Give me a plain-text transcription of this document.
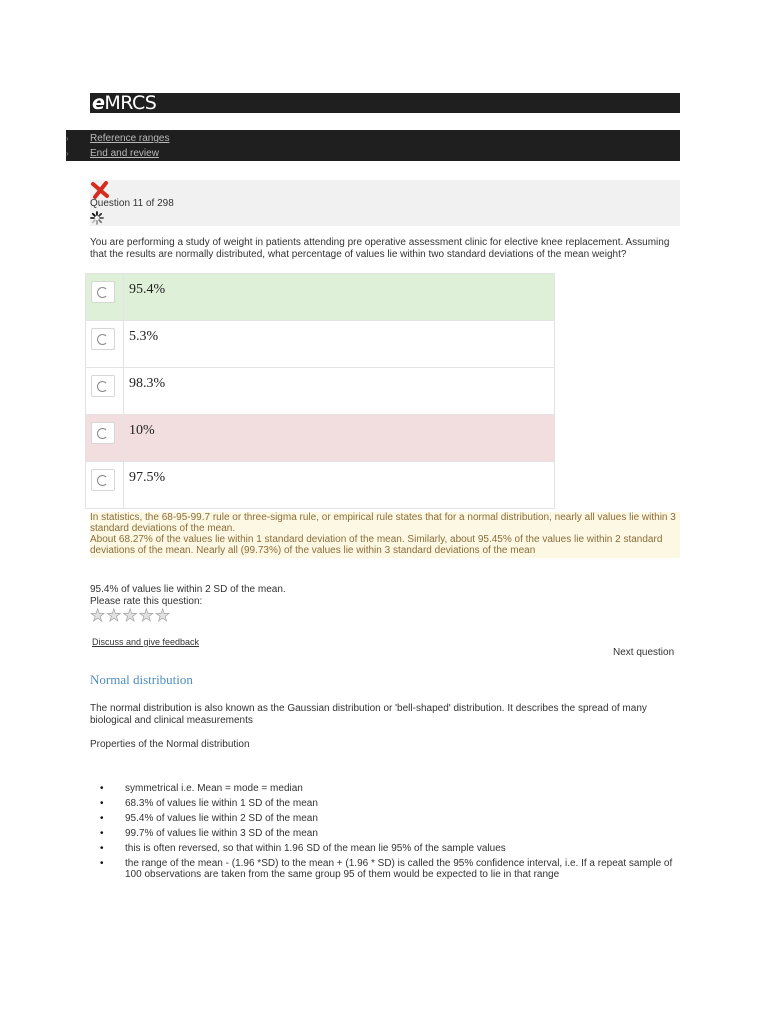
eMRCS
› Reference ranges
› End and review
Question 11 of 298
You are performing a study of weight in patients attending pre operative assessment clinic for elective knee replacement. Assuming that the results are normally distributed, what percentage of values lie within two standard deviations of the mean weight?
95.4%
5.3%
98.3%
10%
97.5%

In statistics, the 68-95-99.7 rule or three-sigma rule, or empirical rule states that for a normal distribution, nearly all values lie within 3 standard deviations of the mean.

About 68.27% of the values lie within 1 standard deviation of the mean. Similarly, about 95.45% of the values lie within 2 standard deviations of the mean. Nearly all (99.73%) of the values lie within 3 standard deviations of the mean

95.4% of values lie within 2 SD of the mean.
Please rate this question:
★★★★★
Discuss and give feedback
Next question
Normal distribution
The normal distribution is also known as the Gaussian distribution or 'bell-shaped' distribution. It describes the spread of many biological and clinical measurements
Properties of the Normal distribution
• symmetrical i.e. Mean = mode = median
• 68.3% of values lie within 1 SD of the mean
• 95.4% of values lie within 2 SD of the mean
• 99.7% of values lie within 3 SD of the mean
• this is often reversed, so that within 1.96 SD of the mean lie 95% of the sample values
• the range of the mean - (1.96 *SD) to the mean + (1.96 * SD) is called the 95% confidence interval, i.e. If a repeat sample of 100 observations are taken from the same group 95 of them would be expected to lie in that range
